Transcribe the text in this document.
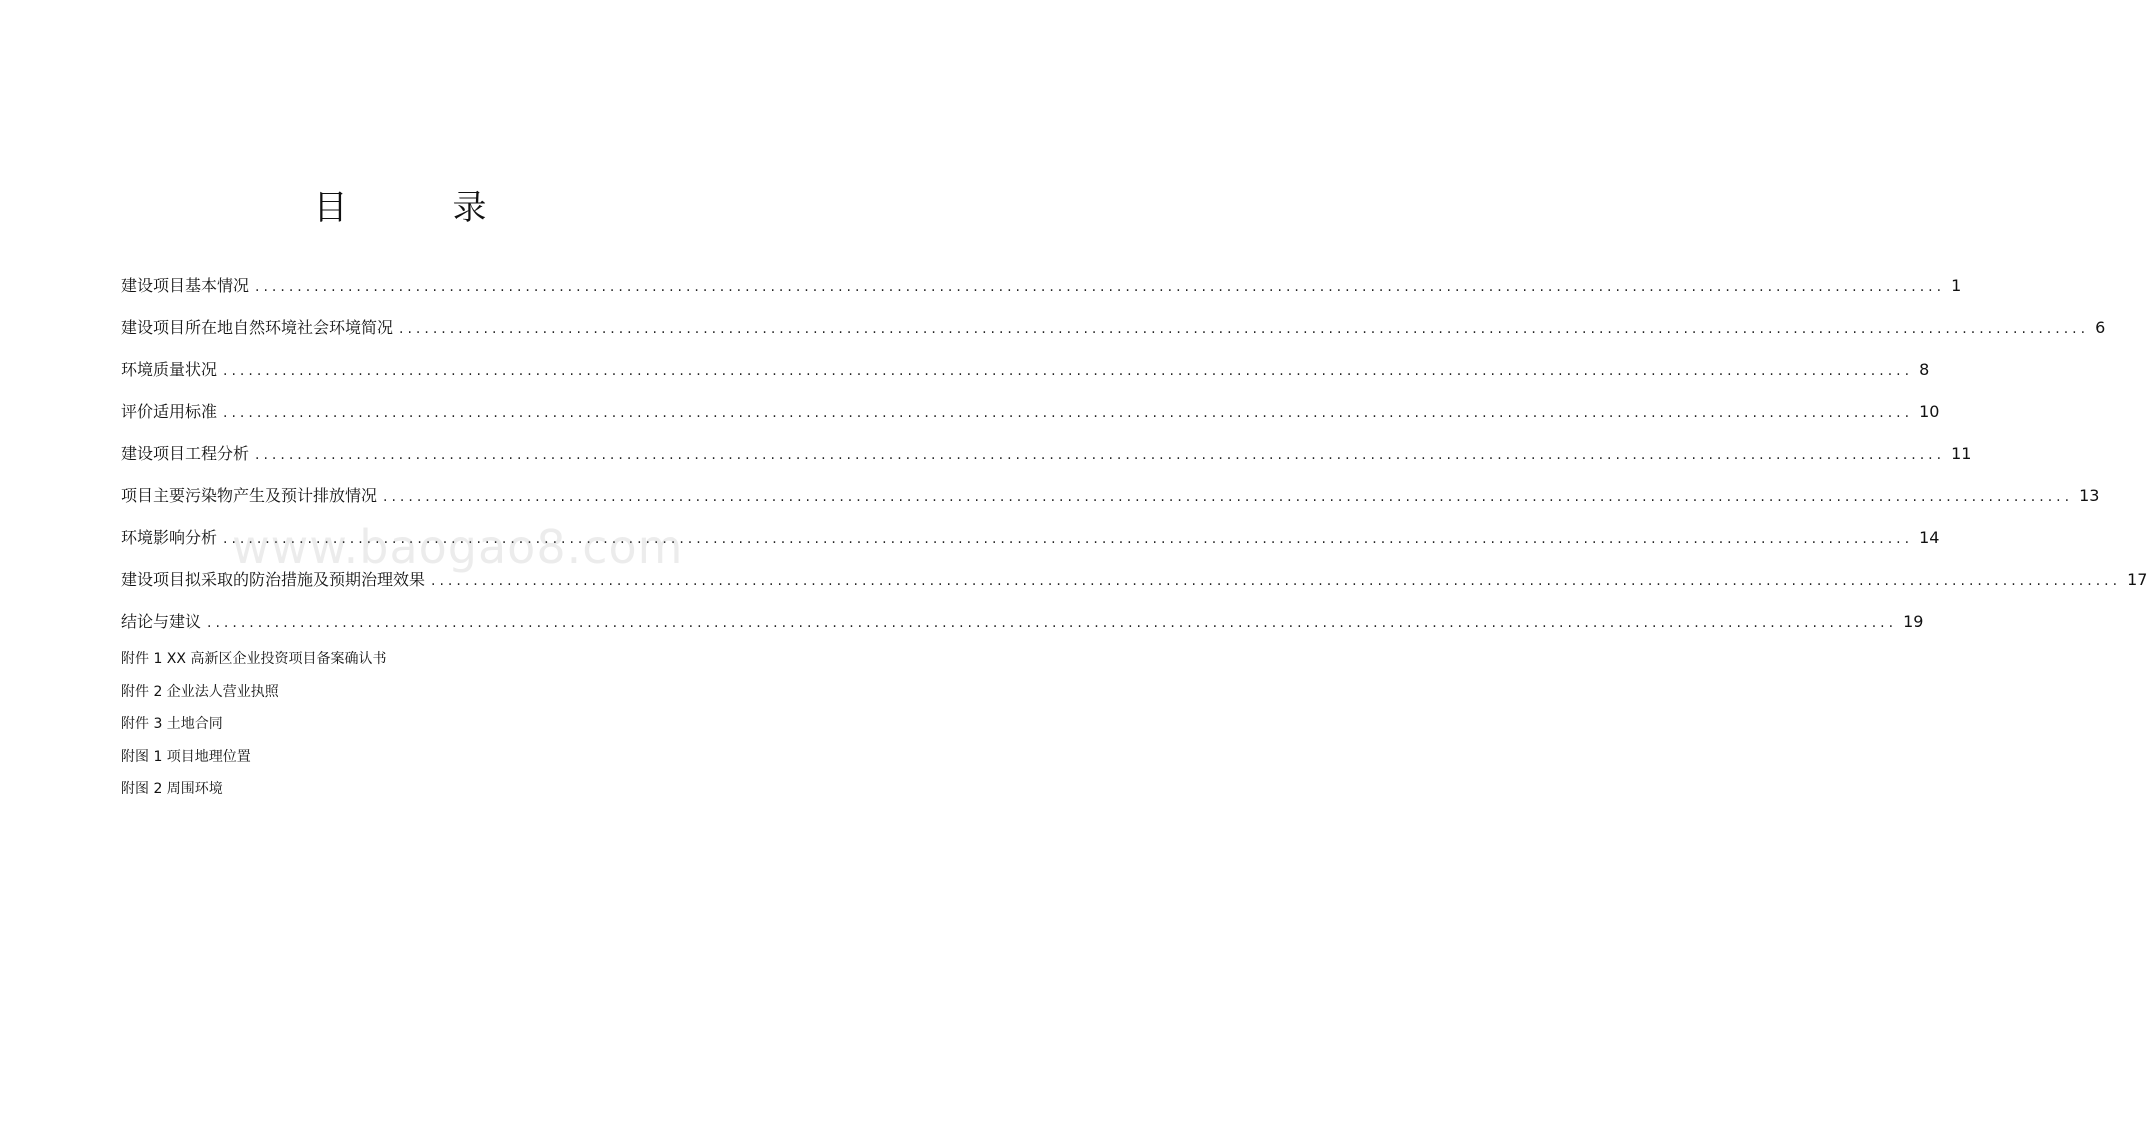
目	录
建设项目基本情况 ........................................................................................................................................................................................................ 1
建设项目所在地自然环境社会环境简况 ........................................................................................................................................................................................................ 6
环境质量状况 ........................................................................................................................................................................................................ 8
评价适用标准 ........................................................................................................................................................................................................ 10
建设项目工程分析 ........................................................................................................................................................................................................ 11
项目主要污染物产生及预计排放情况 ........................................................................................................................................................................................................ 13
环境影响分析 ........................................................................................................................................................................................................ 14
建设项目拟采取的防治措施及预期治理效果 ........................................................................................................................................................................................................ 17
结论与建议 ........................................................................................................................................................................................................ 19
附件 1 XX 高新区企业投资项目备案确认书
附件 2 企业法人营业执照
附件 3 土地合同
附图 1 项目地理位置
附图 2 周围环境
www.baogao8.com
